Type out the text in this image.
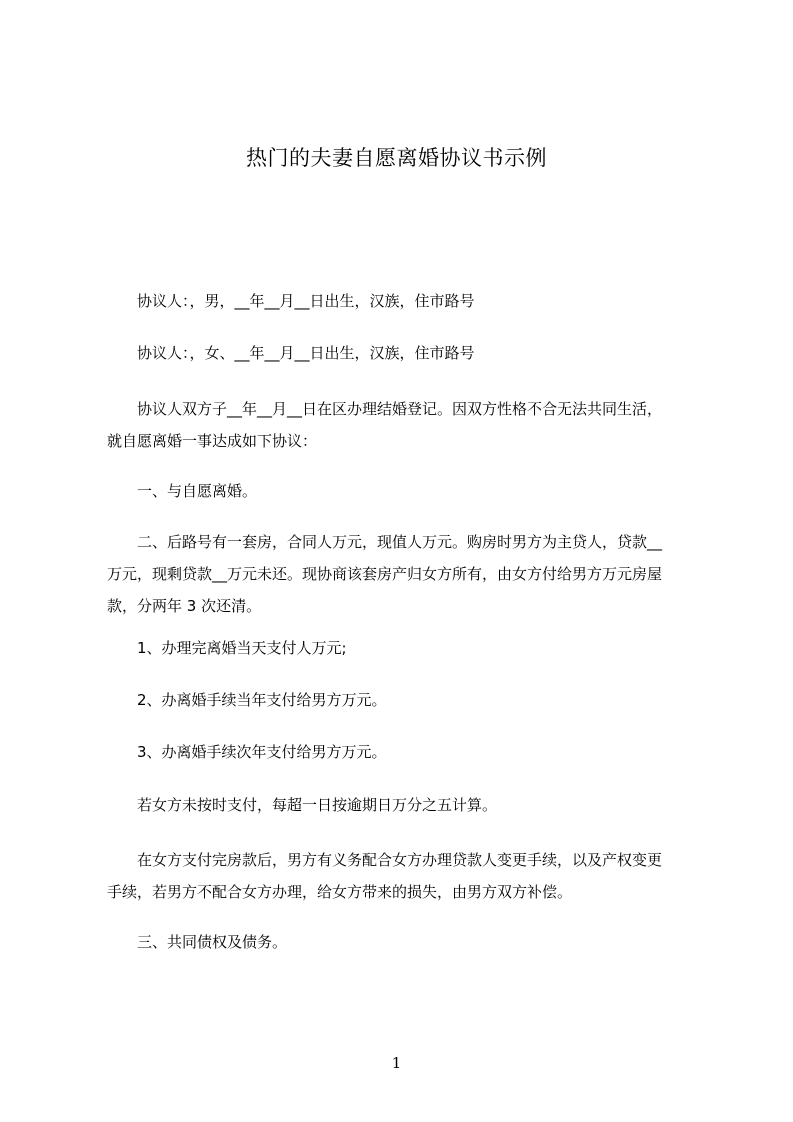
热门的夫妻自愿离婚协议书示例
协议人：，男，__年__月__日出生，汉族，住市路号
协议人：，女、__年__月__日出生，汉族，住市路号
协议人双方子__年__月__日在区办理结婚登记。因双方性格不合无法共同生活，
就自愿离婚一事达成如下协议：
一、与自愿离婚。
二、后路号有一套房，合同人万元，现值人万元。购房时男方为主贷人，贷款__
万元，现剩贷款__万元未还。现协商该套房产归女方所有，由女方付给男方万元房屋
款，分两年 3 次还清。
1、办理完离婚当天支付人万元;
2、办离婚手续当年支付给男方万元。
3、办离婚手续次年支付给男方万元。
若女方未按时支付，每超一日按逾期日万分之五计算。
在女方支付完房款后，男方有义务配合女方办理贷款人变更手续，以及产权变更
手续，若男方不配合女方办理，给女方带来的损失，由男方双方补偿。
三、共同债权及债务。
1
